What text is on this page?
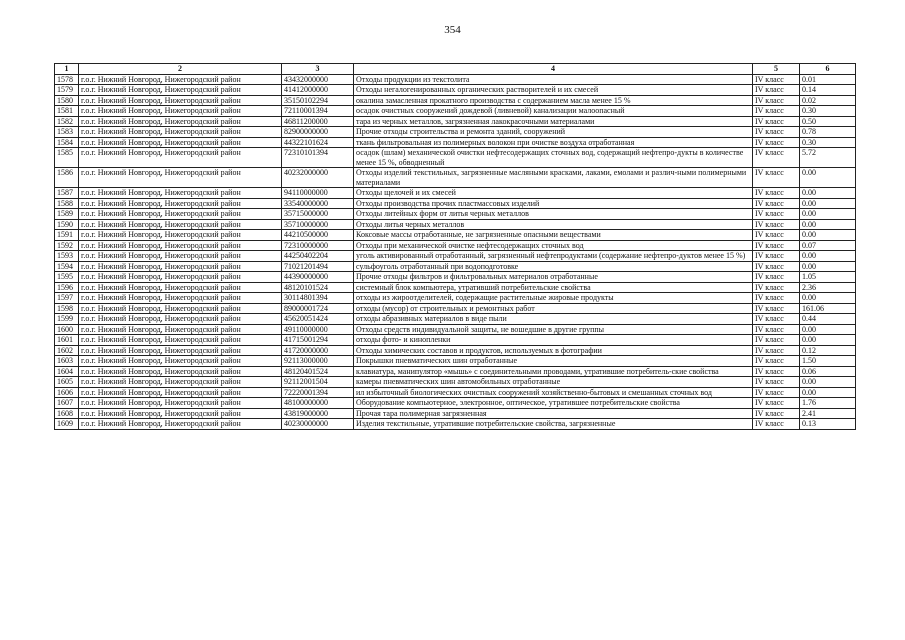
354
1	2	3	4	5	6
1578	г.о.г. Нижний Новгород, Нижегородский район	43432000000	Отходы продукции из текстолита	IV класс	0.01
1579	г.о.г. Нижний Новгород, Нижегородский район	41412000000	Отходы негалогенированных органических растворителей и их смесей	IV класс	0.14
1580	г.о.г. Нижний Новгород, Нижегородский район	35150102294	окалина замасленная прокатного производства с содержанием масла менее 15 %	IV класс	0.02
1581	г.о.г. Нижний Новгород, Нижегородский район	72110001394	осадок очистных сооружений дождевой (ливневой) канализации малоопасный	IV класс	0.30
1582	г.о.г. Нижний Новгород, Нижегородский район	46811200000	тара из черных металлов, загрязненная лакокрасочными материалами	IV класс	0.50
1583	г.о.г. Нижний Новгород, Нижегородский район	82900000000	Прочие отходы строительства и ремонта зданий, сооружений	IV класс	0.78
1584	г.о.г. Нижний Новгород, Нижегородский район	44322101624	ткань фильтровальная из полимерных волокон при очистке воздуха отработанная	IV класс	0.30
1585	г.о.г. Нижний Новгород, Нижегородский район	72310101394	осадок (шлам) механической очистки нефтесодержащих сточных вод, содержащий нефтепро-дукты в количестве менее 15 %, обводненный	IV класс	5.72
1586	г.о.г. Нижний Новгород, Нижегородский район	40232000000	Отходы изделий текстильных, загрязненные масляными красками, лаками, емолами и различ-ными полимерными материалами	IV класс	0.00
1587	г.о.г. Нижний Новгород, Нижегородский район	94110000000	Отходы щелочей и их смесей	IV класс	0.00
1588	г.о.г. Нижний Новгород, Нижегородский район	33540000000	Отходы производства прочих пластмассовых изделий	IV класс	0.00
1589	г.о.г. Нижний Новгород, Нижегородский район	35715000000	Отходы литейных форм от литья черных металлов	IV класс	0.00
1590	г.о.г. Нижний Новгород, Нижегородский район	35710000000	Отходы литья черных металлов	IV класс	0.00
1591	г.о.г. Нижний Новгород, Нижегородский район	44210500000	Коксовые массы отработанные, не загрязненные опасными веществами	IV класс	0.00
1592	г.о.г. Нижний Новгород, Нижегородский район	72310000000	Отходы при механической очистке нефтесодержащих сточных вод	IV класс	0.07
1593	г.о.г. Нижний Новгород, Нижегородский район	44250402204	уголь активированный отработанный, загрязненный нефтепродуктами (содержание нефтепро-дуктов менее 15 %)	IV класс	0.00
1594	г.о.г. Нижний Новгород, Нижегородский район	71021201494	сульфоуголь отработанный при водоподготовке	IV класс	0.00
1595	г.о.г. Нижний Новгород, Нижегородский район	44390000000	Прочие отходы фильтров и фильтровальных материалов отработанные	IV класс	1.05
1596	г.о.г. Нижний Новгород, Нижегородский район	48120101524	системный блок компьютера, утративший потребительские свойства	IV класс	2.36
1597	г.о.г. Нижний Новгород, Нижегородский район	30114801394	отходы из жироотделителей, содержащие растительные жировые продукты	IV класс	0.00
1598	г.о.г. Нижний Новгород, Нижегородский район	89000001724	отходы (мусор) от строительных и ремонтных работ	IV класс	161.06
1599	г.о.г. Нижний Новгород, Нижегородский район	45620051424	отходы абразивных материалов в виде пыли	IV класс	0.44
1600	г.о.г. Нижний Новгород, Нижегородский район	49110000000	Отходы средств индивидуальной защиты, не вошедшие в другие группы	IV класс	0.00
1601	г.о.г. Нижний Новгород, Нижегородский район	41715001294	отходы фото- и кинопленки	IV класс	0.00
1602	г.о.г. Нижний Новгород, Нижегородский район	41720000000	Отходы химических составов и продуктов, используемых в фотографии	IV класс	0.12
1603	г.о.г. Нижний Новгород, Нижегородский район	92113000000	Покрышки пневматических шин отработанные	IV класс	1.50
1604	г.о.г. Нижний Новгород, Нижегородский район	48120401524	клавиатура, манипулятор «мышь» с соединительными проводами, утратившие потребитель-ские свойства	IV класс	0.06
1605	г.о.г. Нижний Новгород, Нижегородский район	92112001504	камеры пневматических шин автомобильных отработанные	IV класс	0.00
1606	г.о.г. Нижний Новгород, Нижегородский район	72220001394	ил избыточный биологических очистных сооружений хозяйственно-бытовых и смешанных сточных вод	IV класс	0.00
1607	г.о.г. Нижний Новгород, Нижегородский район	48100000000	Оборудование компьютерное, электронное, оптическое, утратившее потребительские свойства	IV класс	1.76
1608	г.о.г. Нижний Новгород, Нижегородский район	43819000000	Прочая тара полимерная загрязненная	IV класс	2.41
1609	г.о.г. Нижний Новгород, Нижегородский район	40230000000	Изделия текстильные, утратившие потребительские свойства, загрязненные	IV класс	0.13
